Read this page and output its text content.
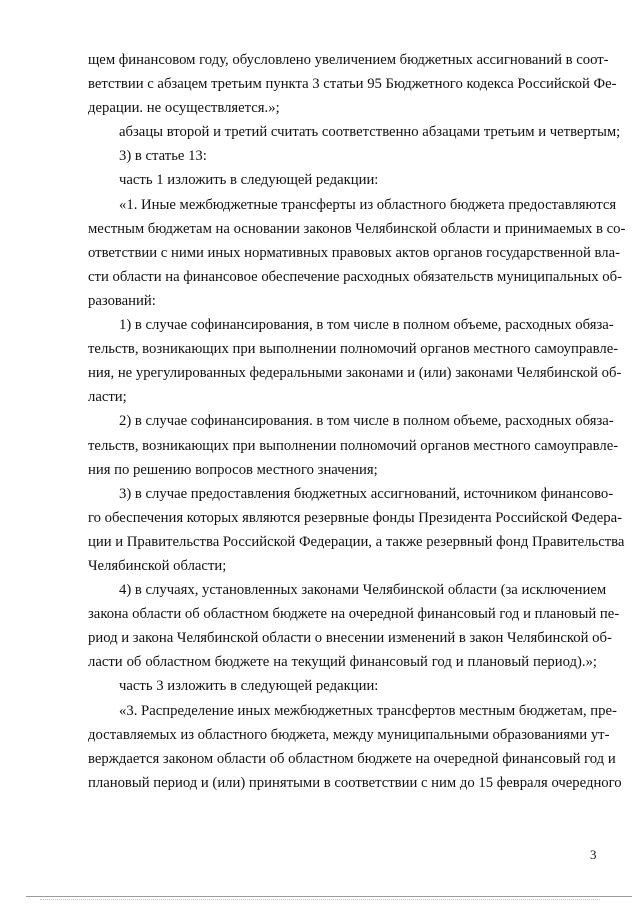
щем финансовом году, обусловлено увеличением бюджетных ассигнований в соот-
ветствии с абзацем третьим пункта 3 статьи 95 Бюджетного кодекса Российской Фе-
дерации. не осуществляется.»;
абзацы второй и третий считать соответственно абзацами третьим и четвертым;
3) в статье 13:
часть 1 изложить в следующей редакции:
«1. Иные межбюджетные трансферты из областного бюджета предоставляются
местным бюджетам на основании законов Челябинской области и принимаемых в со-
ответствии с ними иных нормативных правовых актов органов государственной вла-
сти области на финансовое обеспечение расходных обязательств муниципальных об-
разований:
1) в случае софинансирования, в том числе в полном объеме, расходных обяза-
тельств, возникающих при выполнении полномочий органов местного самоуправле-
ния, не урегулированных федеральными законами и (или) законами Челябинской об-
ласти;
2) в случае софинансирования. в том числе в полном объеме, расходных обяза-
тельств, возникающих при выполнении полномочий органов местного самоуправле-
ния по решению вопросов местного значения;
3) в случае предоставления бюджетных ассигнований, источником финансово-
го обеспечения которых являются резервные фонды Президента Российской Федера-
ции и Правительства Российской Федерации, а также резервный фонд Правительства
Челябинской области;
4) в случаях, установленных законами Челябинской области (за исключением
закона области об областном бюджете на очередной финансовый год и плановый пе-
риод и закона Челябинской области о внесении изменений в закон Челябинской об-
ласти об областном бюджете на текущий финансовый год и плановый период).»;
часть 3 изложить в следующей редакции:
«3. Распределение иных межбюджетных трансфертов местным бюджетам, пре-
доставляемых из областного бюджета, между муниципальными образованиями ут-
верждается законом области об областном бюджете на очередной финансовый год и
плановый период и (или) принятыми в соответствии с ним до 15 февраля очередного
3
